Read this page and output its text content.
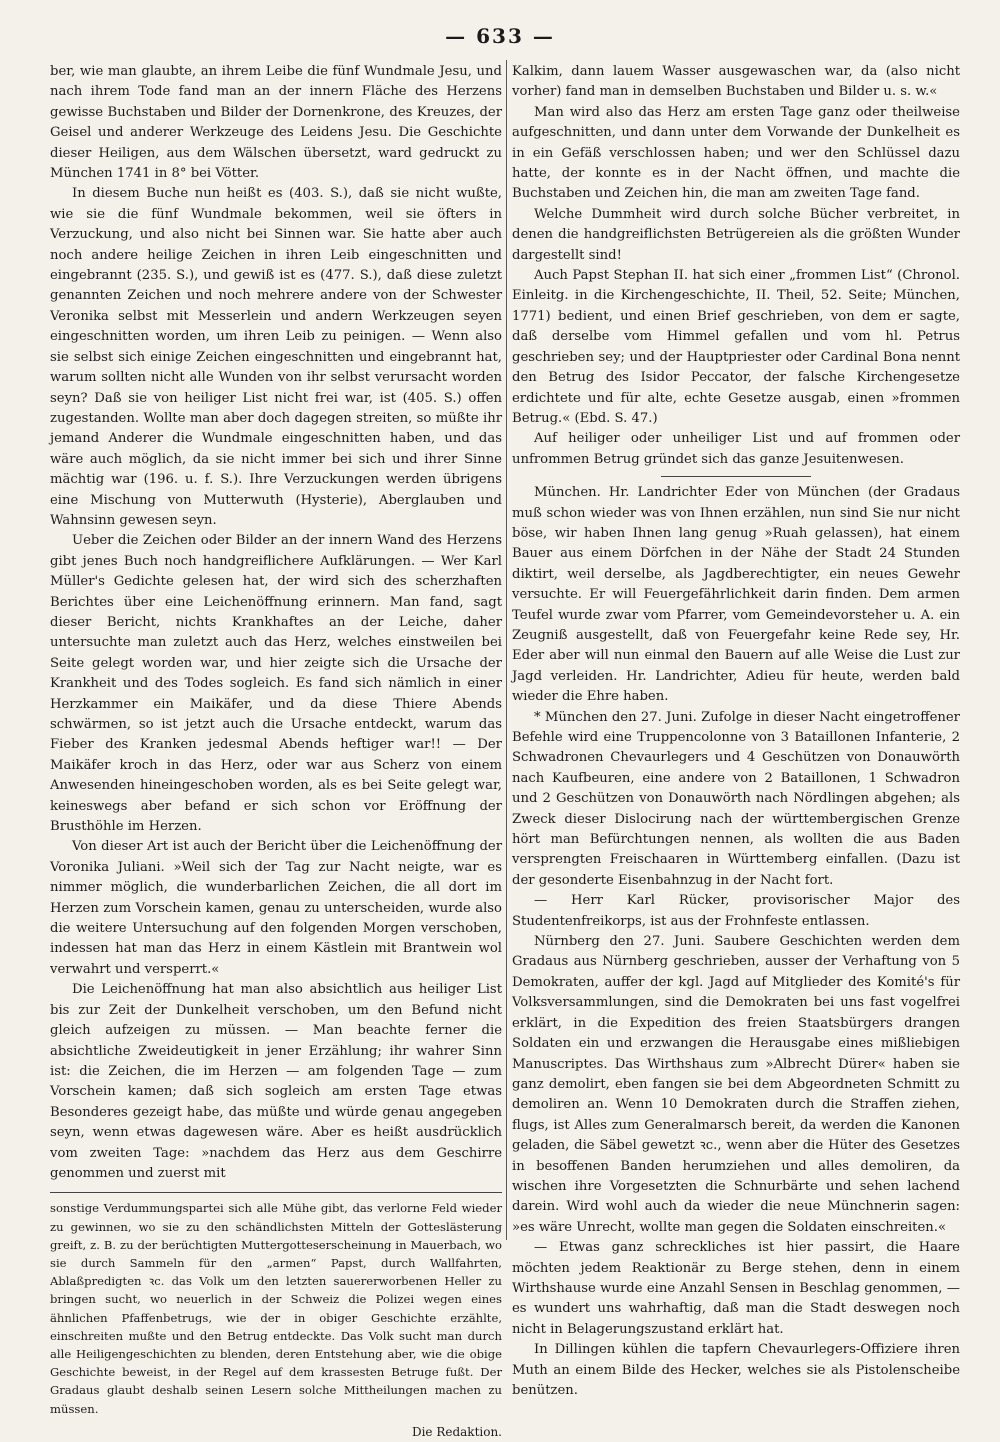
— 633 —

ber, wie man glaubte, an ihrem Leibe die fünf Wundmale Jesu, und nach ihrem Tode fand man an der innern Fläche des Herzens gewisse Buchstaben und Bilder der Dornenkrone, des Kreuzes, der Geisel und anderer Werkzeuge des Leidens Jesu. Die Geschichte dieser Heiligen, aus dem Wälschen übersetzt, ward gedruckt zu München 1741 in 8° bei Vötter.

In diesem Buche nun heißt es (403. S.), daß sie nicht wußte, wie sie die fünf Wundmale bekommen, weil sie öfters in Verzuckung, und also nicht bei Sinnen war. Sie hatte aber auch noch andere heilige Zeichen in ihren Leib eingeschnitten und eingebrannt (235. S.), und gewiß ist es (477. S.), daß diese zuletzt genannten Zeichen und noch mehrere andere von der Schwester Veronika selbst mit Messerlein und andern Werkzeugen seyen eingeschnitten worden, um ihren Leib zu peinigen. — Wenn also sie selbst sich einige Zeichen eingeschnitten und eingebrannt hat, warum sollten nicht alle Wunden von ihr selbst verursacht worden seyn? Daß sie von heiliger List nicht frei war, ist (405. S.) offen zugestanden. Wollte man aber doch dagegen streiten, so müßte ihr jemand Anderer die Wundmale eingeschnitten haben, und das wäre auch möglich, da sie nicht immer bei sich und ihrer Sinne mächtig war (196. u. f. S.). Ihre Verzuckungen werden übrigens eine Mischung von Mutterwuth (Hysterie), Aberglauben und Wahnsinn gewesen seyn.

Ueber die Zeichen oder Bilder an der innern Wand des Herzens gibt jenes Buch noch handgreiflichere Aufklärungen. — Wer Karl Müller's Gedichte gelesen hat, der wird sich des scherzhaften Berichtes über eine Leichenöffnung erinnern. Man fand, sagt dieser Bericht, nichts Krankhaftes an der Leiche, daher untersuchte man zuletzt auch das Herz, welches einstweilen bei Seite gelegt worden war, und hier zeigte sich die Ursache der Krankheit und des Todes sogleich. Es fand sich nämlich in einer Herzkammer ein Maikäfer, und da diese Thiere Abends schwärmen, so ist jetzt auch die Ursache entdeckt, warum das Fieber des Kranken jedesmal Abends heftiger war!! — Der Maikäfer kroch in das Herz, oder war aus Scherz von einem Anwesenden hineingeschoben worden, als es bei Seite gelegt war, keineswegs aber befand er sich schon vor Eröffnung der Brusthöhle im Herzen.

Von dieser Art ist auch der Bericht über die Leichenöffnung der Voronika Juliani. »Weil sich der Tag zur Nacht neigte, war es nimmer möglich, die wunderbarlichen Zeichen, die all dort im Herzen zum Vorschein kamen, genau zu unterscheiden, wurde also die weitere Untersuchung auf den folgenden Morgen verschoben, indessen hat man das Herz in einem Kästlein mit Brantwein wol verwahrt und versperrt.«

Die Leichenöffnung hat man also absichtlich aus heiliger List bis zur Zeit der Dunkelheit verschoben, um den Befund nicht gleich aufzeigen zu müssen. — Man beachte ferner die absichtliche Zweideutigkeit in jener Erzählung; ihr wahrer Sinn ist: die Zeichen, die im Herzen — am folgenden Tage — zum Vorschein kamen; daß sich sogleich am ersten Tage etwas Besonderes gezeigt habe, das müßte und würde genau angegeben seyn, wenn etwas dagewesen wäre. Aber es heißt ausdrücklich vom zweiten Tage: »nachdem das Herz aus dem Geschirre genommen und zuerst mit

sonstige Verdummungspartei sich alle Mühe gibt, das verlorne Feld wieder zu gewinnen, wo sie zu den schändlichsten Mitteln der Gotteslästerung greift, z. B. zu der berüchtigten Muttergotteserscheinung in Mauerbach, wo sie durch Sammeln für den „armen“ Papst, durch Wallfahrten, Ablaßpredigten ꝛc. das Volk um den letzten sauererworbenen Heller zu bringen sucht, wo neuerlich in der Schweiz die Polizei wegen eines ähnlichen Pfaffenbetrugs, wie der in obiger Geschichte erzählte, einschreiten mußte und den Betrug entdeckte. Das Volk sucht man durch alle Heiligengeschichten zu blenden, deren Entstehung aber, wie die obige Geschichte beweist, in der Regel auf dem krassesten Betruge fußt. Der Gradaus glaubt deshalb seinen Lesern solche Mittheilungen machen zu müssen.

Die Redaktion.

Kalkim, dann lauem Wasser ausgewaschen war, da (also nicht vorher) fand man in demselben Buchstaben und Bilder u. s. w.«

Man wird also das Herz am ersten Tage ganz oder theilweise aufgeschnitten, und dann unter dem Vorwande der Dunkelheit es in ein Gefäß verschlossen haben; und wer den Schlüssel dazu hatte, der konnte es in der Nacht öffnen, und machte die Buchstaben und Zeichen hin, die man am zweiten Tage fand.

Welche Dummheit wird durch solche Bücher verbreitet, in denen die handgreiflichsten Betrügereien als die größten Wunder dargestellt sind!

Auch Papst Stephan II. hat sich einer „frommen List“ (Chronol. Einleitg. in die Kirchengeschichte, II. Theil, 52. Seite; München, 1771) bedient, und einen Brief geschrieben, von dem er sagte, daß derselbe vom Himmel gefallen und vom hl. Petrus geschrieben sey; und der Hauptpriester oder Cardinal Bona nennt den Betrug des Isidor Peccator, der falsche Kirchengesetze erdichtete und für alte, echte Gesetze ausgab, einen »frommen Betrug.« (Ebd. S. 47.)

Auf heiliger oder unheiliger List und auf frommen oder unfrommen Betrug gründet sich das ganze Jesuitenwesen.

München. Hr. Landrichter Eder von München (der Gradaus muß schon wieder was von Ihnen erzählen, nun sind Sie nur nicht böse, wir haben Ihnen lang genug »Ruah gelassen), hat einem Bauer aus einem Dörfchen in der Nähe der Stadt 24 Stunden diktirt, weil derselbe, als Jagdberechtigter, ein neues Gewehr versuchte. Er will Feuergefährlichkeit darin finden. Dem armen Teufel wurde zwar vom Pfarrer, vom Gemeindevorsteher u. A. ein Zeugniß ausgestellt, daß von Feuergefahr keine Rede sey, Hr. Eder aber will nun einmal den Bauern auf alle Weise die Lust zur Jagd verleiden. Hr. Landrichter, Adieu für heute, werden bald wieder die Ehre haben.

* München den 27. Juni. Zufolge in dieser Nacht eingetroffener Befehle wird eine Truppencolonne von 3 Bataillonen Infanterie, 2 Schwadronen Chevaurlegers und 4 Geschützen von Donauwörth nach Kaufbeuren, eine andere von 2 Bataillonen, 1 Schwadron und 2 Geschützen von Donauwörth nach Nördlingen abgehen; als Zweck dieser Dislocirung nach der württembergischen Grenze hört man Befürchtungen nennen, als wollten die aus Baden versprengten Freischaaren in Württemberg einfallen. (Dazu ist der gesonderte Eisenbahnzug in der Nacht fort.

— Herr Karl Rücker, provisorischer Major des Studentenfreikorps, ist aus der Frohnfeste entlassen.

Nürnberg den 27. Juni. Saubere Geschichten werden dem Gradaus aus Nürnberg geschrieben, ausser der Verhaftung von 5 Demokraten, auffer der kgl. Jagd auf Mitglieder des Komité's für Volksversammlungen, sind die Demokraten bei uns fast vogelfrei erklärt, in die Expedition des freien Staatsbürgers drangen Soldaten ein und erzwangen die Herausgabe eines mißliebigen Manuscriptes. Das Wirthshaus zum »Albrecht Dürer« haben sie ganz demolirt, eben fangen sie bei dem Abgeordneten Schmitt zu demoliren an. Wenn 10 Demokraten durch die Straffen ziehen, flugs, ist Alles zum Generalmarsch bereit, da werden die Kanonen geladen, die Säbel gewetzt ꝛc., wenn aber die Hüter des Gesetzes in besoffenen Banden herumziehen und alles demoliren, da wischen ihre Vorgesetzten die Schnurbärte und sehen lachend darein. Wird wohl auch da wieder die neue Münchnerin sagen: »es wäre Unrecht, wollte man gegen die Soldaten einschreiten.«

— Etwas ganz schreckliches ist hier passirt, die Haare möchten jedem Reaktionär zu Berge stehen, denn in einem Wirthshause wurde eine Anzahl Sensen in Beschlag genommen, — es wundert uns wahrhaftig, daß man die Stadt deswegen noch nicht in Belagerungszustand erklärt hat.

In Dillingen kühlen die tapfern Chevaurlegers-Offiziere ihren Muth an einem Bilde des Hecker, welches sie als Pistolenscheibe benützen.
